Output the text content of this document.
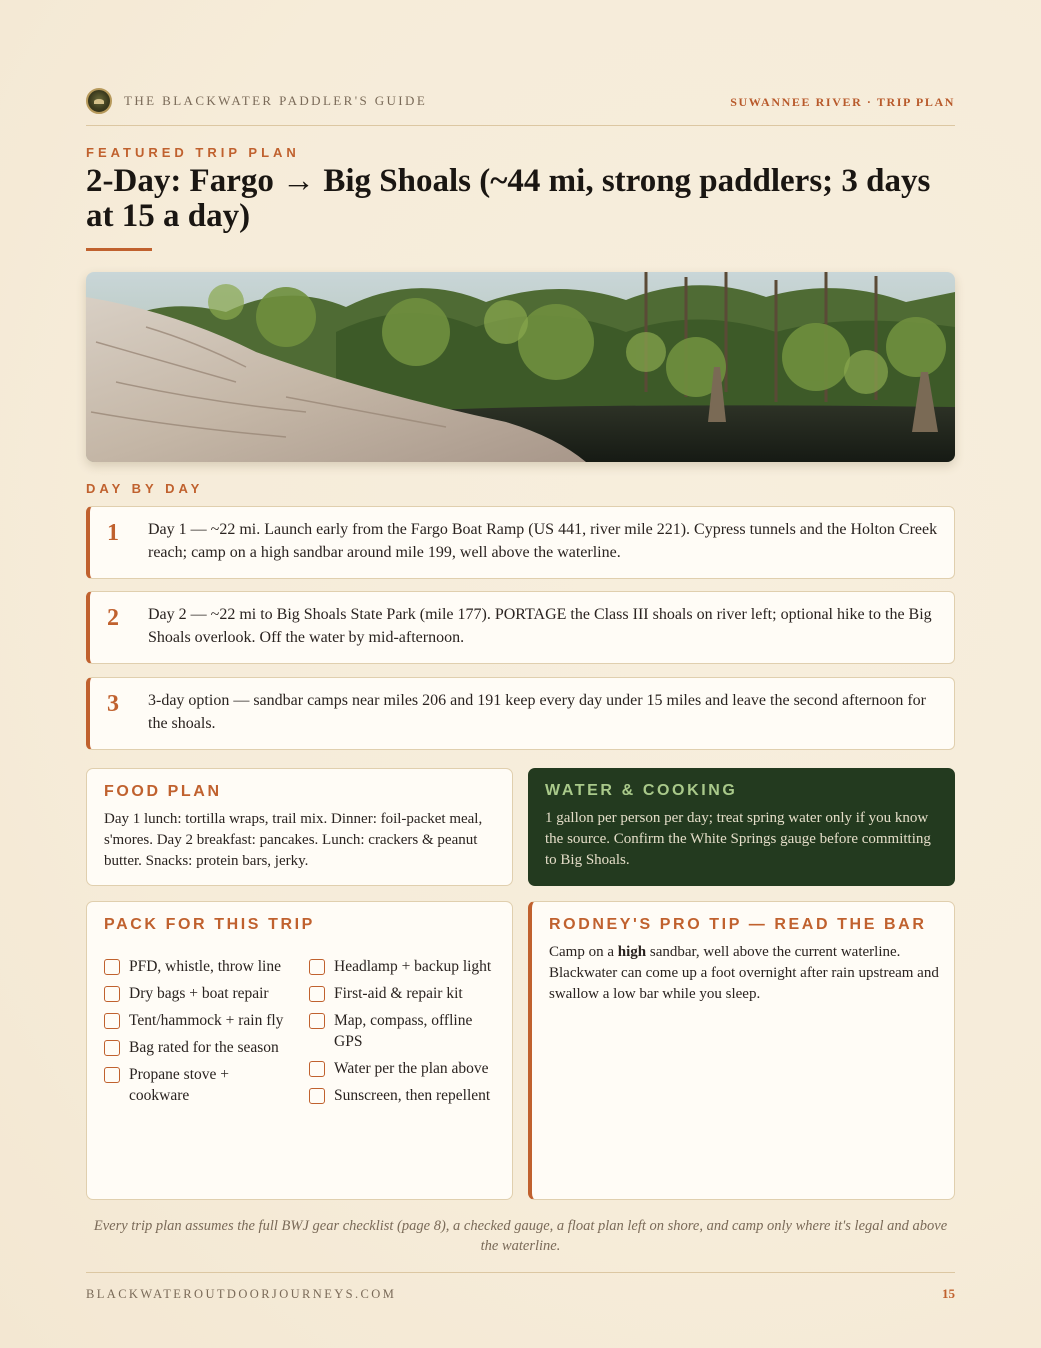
THE BLACKWATER PADDLER'S GUIDE	SUWANNEE RIVER · TRIP PLAN
FEATURED TRIP PLAN
2-Day: Fargo → Big Shoals (~44 mi, strong paddlers; 3 days at 15 a day)
DAY BY DAY
1 Day 1 — ~22 mi. Launch early from the Fargo Boat Ramp (US 441, river mile 221). Cypress tunnels and the Holton Creek reach; camp on a high sandbar around mile 199, well above the waterline.

2 Day 2 — ~22 mi to Big Shoals State Park (mile 177). PORTAGE the Class III shoals on river left; optional hike to the Big Shoals overlook. Off the water by mid-afternoon.

3 3-day option — sandbar camps near miles 206 and 191 keep every day under 15 miles and leave the second afternoon for the shoals.

FOOD PLAN

Day 1 lunch: tortilla wraps, trail mix. Dinner: foil-packet meal, s'mores. Day 2 breakfast: pancakes. Lunch: crackers & peanut butter. Snacks: protein bars, jerky.

WATER & COOKING

1 gallon per person per day; treat spring water only if you know the source. Confirm the White Springs gauge before committing to Big Shoals.

PACK FOR THIS TRIP
PFD, whistle, throw line
Dry bags + boat repair
Tent/hammock + rain fly
Bag rated for the season
Propane stove + cookware
Headlamp + backup light
First-aid & repair kit
Map, compass, offline GPS
Water per the plan above
Sunscreen, then repellent
RODNEY'S PRO TIP — READ THE BAR

Camp on a high sandbar, well above the current waterline. Blackwater can come up a foot overnight after rain upstream and swallow a low bar while you sleep.

Every trip plan assumes the full BWJ gear checklist (page 8), a checked gauge, a float plan left on shore, and camp only where it's legal and above the waterline.

BLACKWATEROUTDOORJOURNEYS.COM	15
